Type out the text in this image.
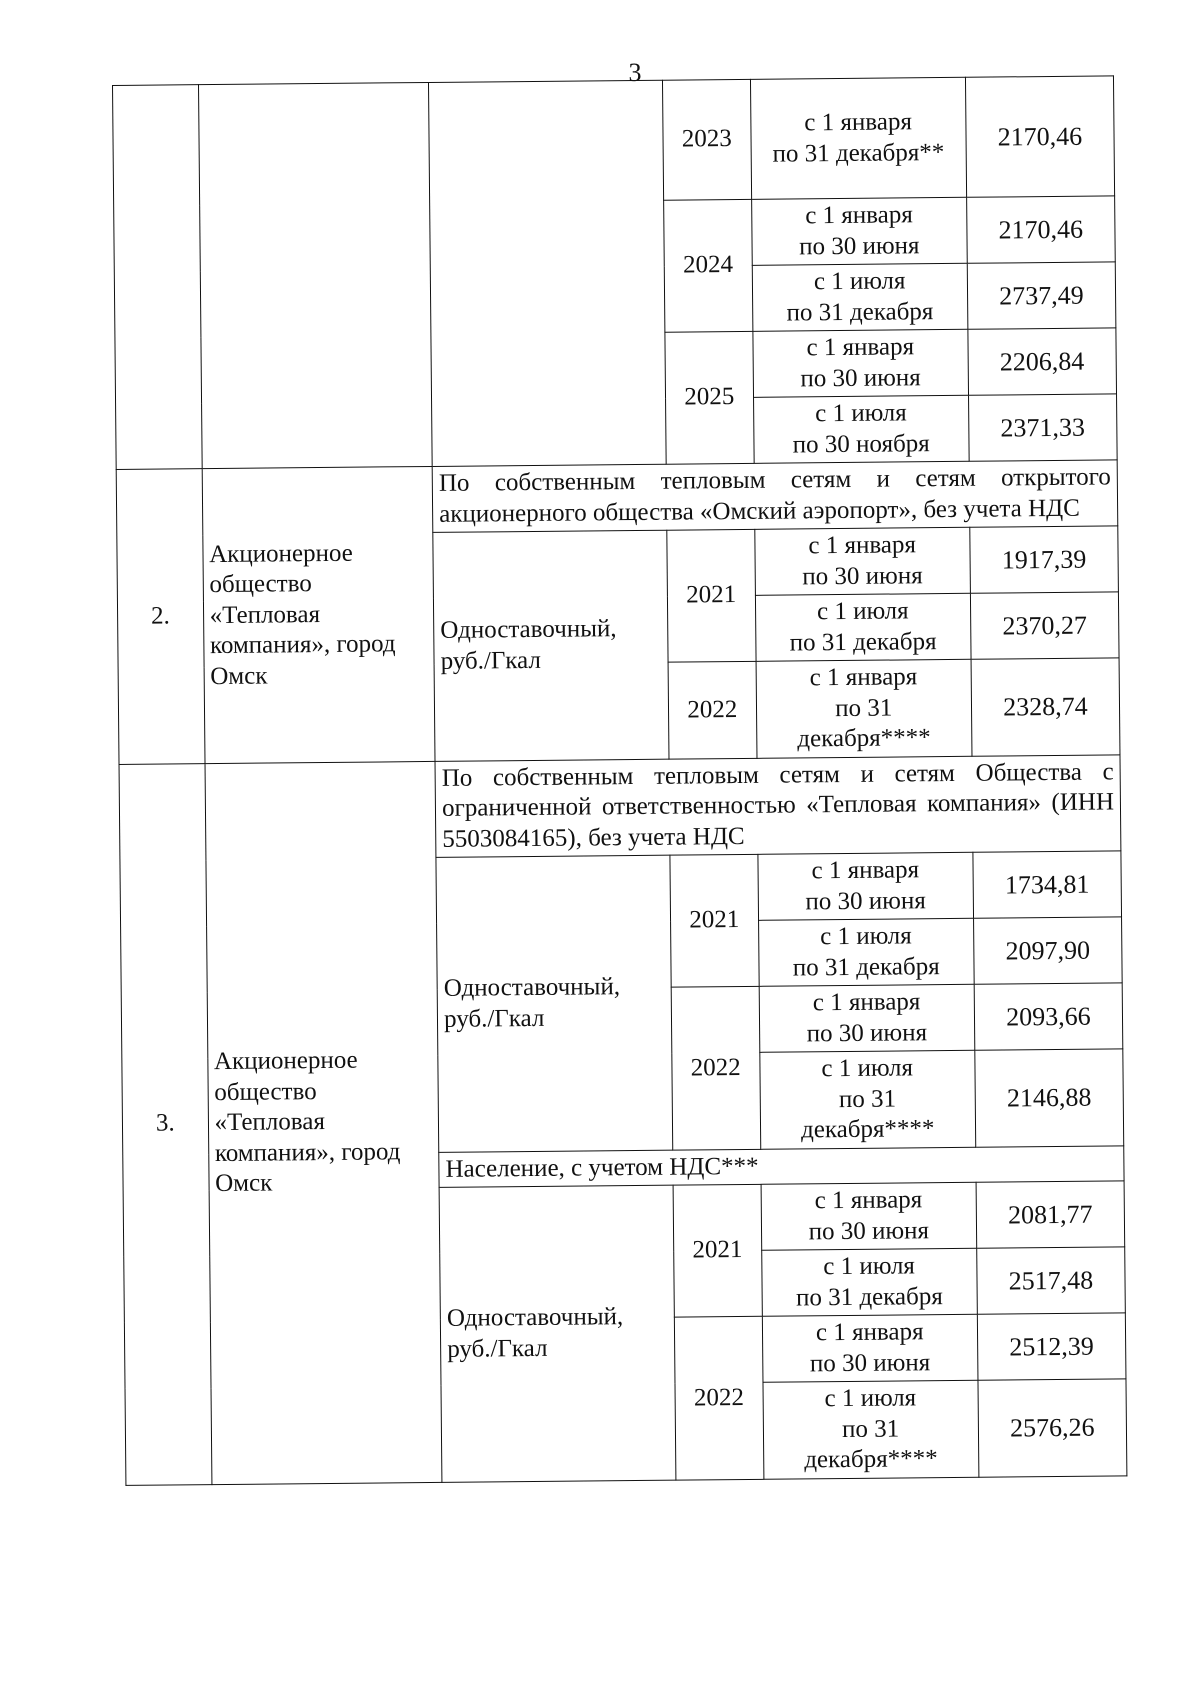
3
			2023	с 1 января
по 31 декабря**	2170,46
			2024	с 1 января
по 30 июня	2170,46
				с 1 июля
по 31 декабря	2737,49
			2025	с 1 января
по 30 июня	2206,84
				с 1 июля
по 30 ноября	2371,33
2.	Акционерное общество «Тепловая компания», город Омск	По собственным тепловым сетям и сетям открытого акционерного общества «Омский аэропорт», без учета НДС			
		Одноставочный, руб./Гкал	2021	с 1 января
по 30 июня	1917,39
				с 1 июля
по 31 декабря	2370,27
			2022	с 1 января
по 31
декабря****	2328,74
3.	Акционерное общество «Тепловая компания», город Омск	По собственным тепловым сетям и сетям Общества с ограниченной ответственностью «Тепловая компания» (ИНН 5503084165), без учета НДС			
		Одноставочный, руб./Гкал	2021	с 1 января
по 30 июня	1734,81
				с 1 июля
по 31 декабря	2097,90
			2022	с 1 января
по 30 июня	2093,66
				с 1 июля
по 31
декабря****	2146,88
		Население, с учетом НДС***			
		Одноставочный, руб./Гкал	2021	с 1 января
по 30 июня	2081,77
				с 1 июля
по 31 декабря	2517,48
			2022	с 1 января
по 30 июня	2512,39
				с 1 июля
по 31
декабря****	2576,26
